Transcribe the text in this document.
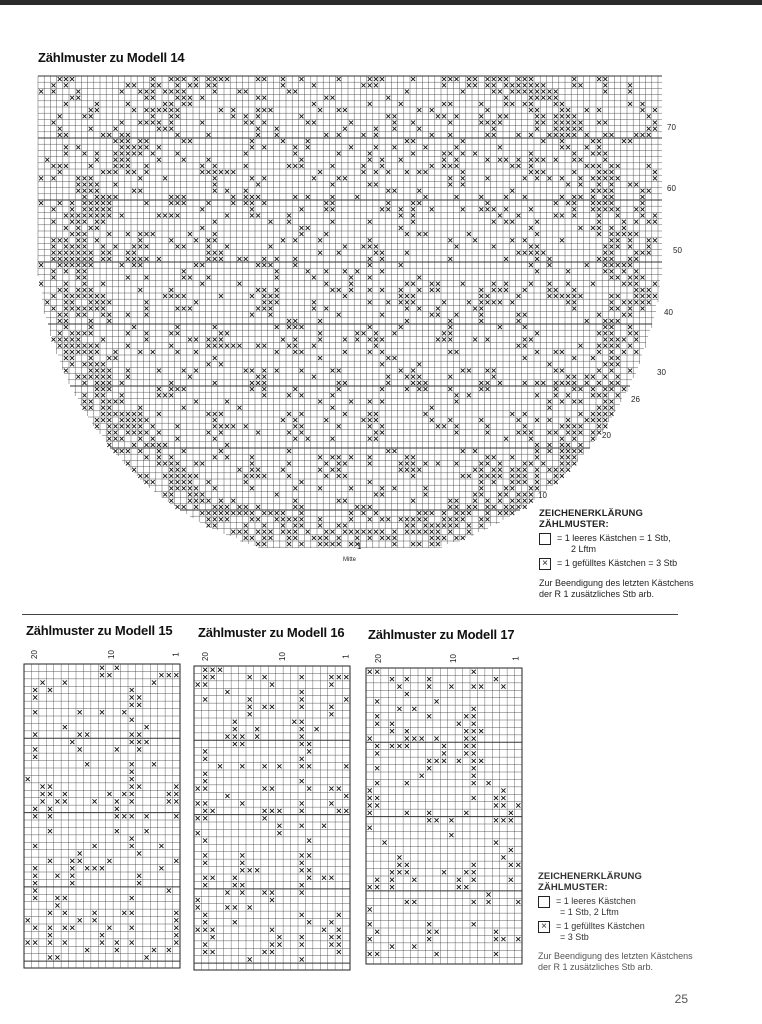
Zählmuster zu Modell 14
70
60
50
40
30
26
20
10
1
Mitte
ZEICHENERKLÄRUNG
ZÄHLMUSTER:
= 1 leeres Kästchen = 1 Stb,
2 Lftm
×	= 1 gefülltes Kästchen = 3 Stb
Zur Beendigung des letzten Kästchens der R 1 zusätzliches Stb arb.
Zählmuster zu Modell 15 Zählmuster zu Modell 16 Zählmuster zu Modell 17
20	10	1	20	10	1	20	10	1
ZEICHENERKLÄRUNG
ZÄHLMUSTER:
= 1 leeres Kästchen
= 1 Stb, 2 Lftm
×	= 1 gefülltes Kästchen
= 3 Stb
Zur Beendigung des letzten Kästchens der R 1 zusätzliches Stb arb.
25
